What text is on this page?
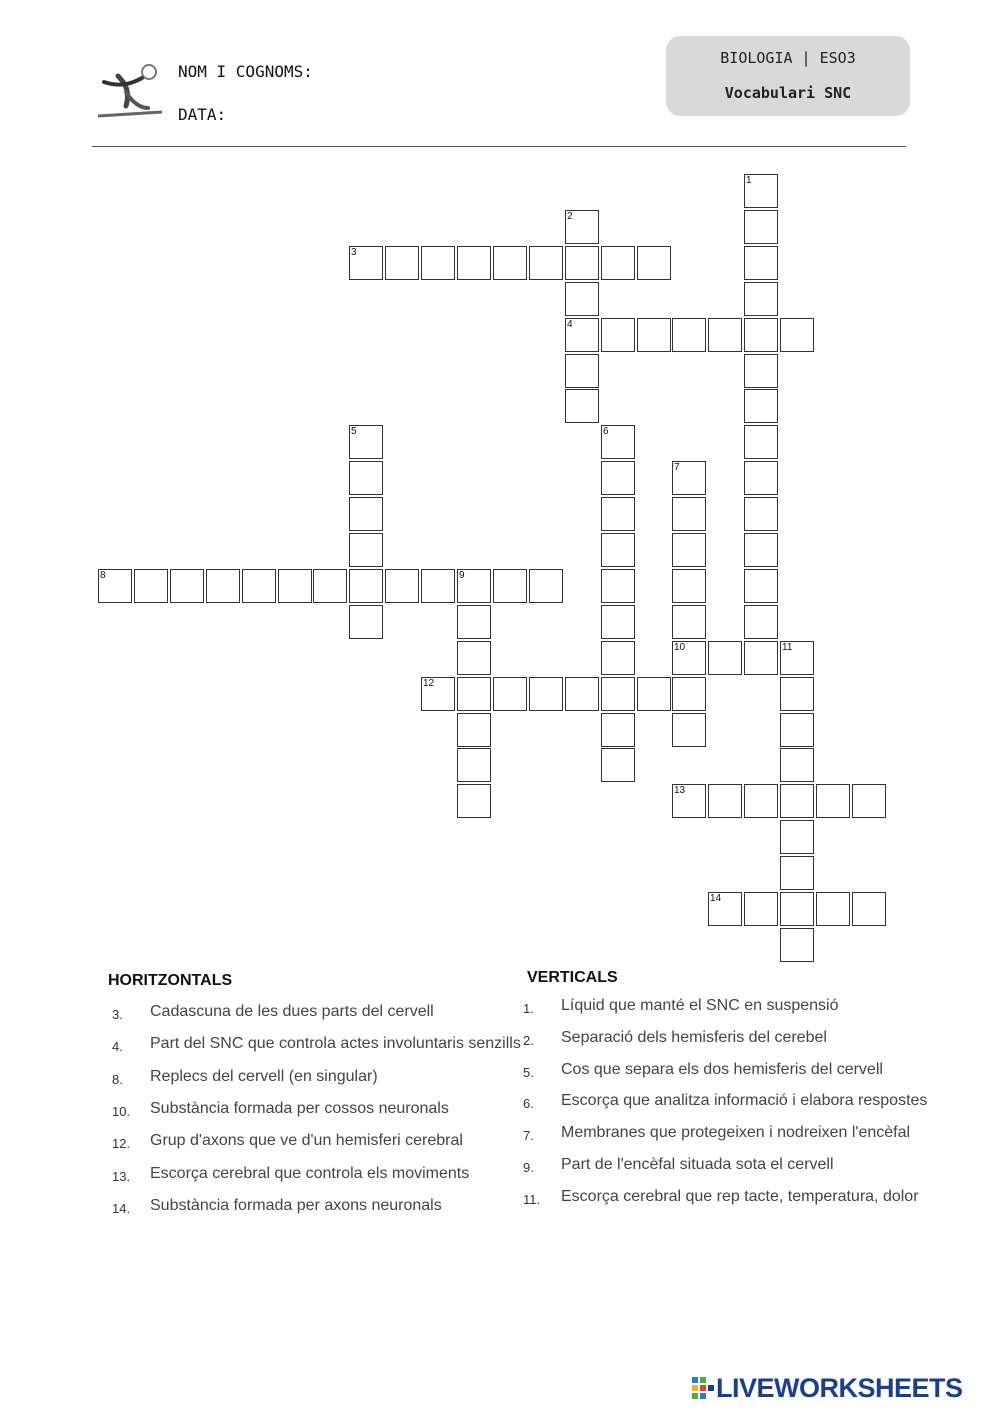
NOM I COGNOMS:
DATA:
BIOLOGIA | ESO3
Vocabulari SNC
1
2
3
4
5	6
7
8	9
10	11
12
13
14
HORITZONTALS	VERTICALS
3. Cadascuna de les dues parts del cervell
4. Part del SNC que controla actes involuntaris senzills
8. Replecs del cervell (en singular)
10. Substància formada per cossos neuronals
12. Grup d'axons que ve d'un hemisferi cerebral
13. Escorça cerebral que controla els moviments
14. Substància formada per axons neuronals
1. Líquid que manté el SNC en suspensió
2. Separació dels hemisferis del cerebel
5. Cos que separa els dos hemisferis del cervell
6. Escorça que analitza informació i elabora respostes
7. Membranes que protegeixen i nodreixen l'encèfal
9. Part de l'encèfal situada sota el cervell
11. Escorça cerebral que rep tacte, temperatura, dolor
LIVEWORKSHEETS
